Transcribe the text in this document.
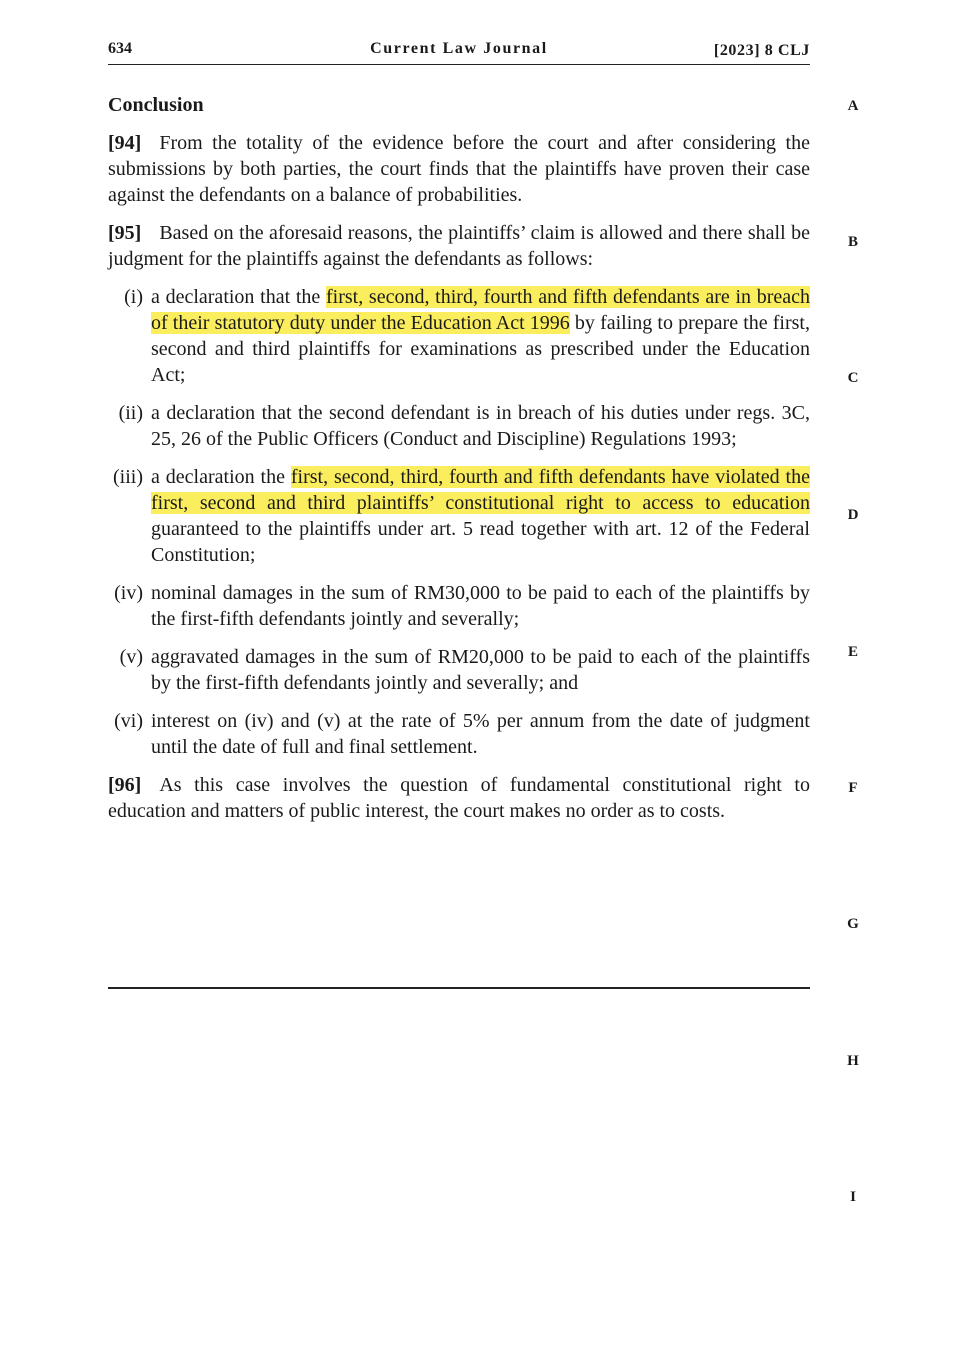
634	Current Law Journal	[2023] 8 CLJ
A
B
C
D
E
F
G
H
I
Conclusion

[94] From the totality of the evidence before the court and after considering the submissions by both parties, the court finds that the plaintiffs have proven their case against the defendants on a balance of probabilities.

[95] Based on the aforesaid reasons, the plaintiffs’ claim is allowed and there shall be judgment for the plaintiffs against the defendants as follows:

(i) a declaration that the first, second, third, fourth and fifth defendants are in breach of their statutory duty under the Education Act 1996 by failing to prepare the first, second and third plaintiffs for examinations as prescribed under the Education Act;
(ii) a declaration that the second defendant is in breach of his duties under regs. 3C, 25, 26 of the Public Officers (Conduct and Discipline) Regulations 1993;
(iii) a declaration the first, second, third, fourth and fifth defendants have violated the first, second and third plaintiffs’ constitutional right to access to education guaranteed to the plaintiffs under art. 5 read together with art. 12 of the Federal Constitution;
(iv) nominal damages in the sum of RM30,000 to be paid to each of the plaintiffs by the first-fifth defendants jointly and severally;
(v) aggravated damages in the sum of RM20,000 to be paid to each of the plaintiffs by the first-fifth defendants jointly and severally; and
(vi) interest on (iv) and (v) at the rate of 5% per annum from the date of judgment until the date of full and final settlement.

[96] As this case involves the question of fundamental constitutional right to education and matters of public interest, the court makes no order as to costs.
